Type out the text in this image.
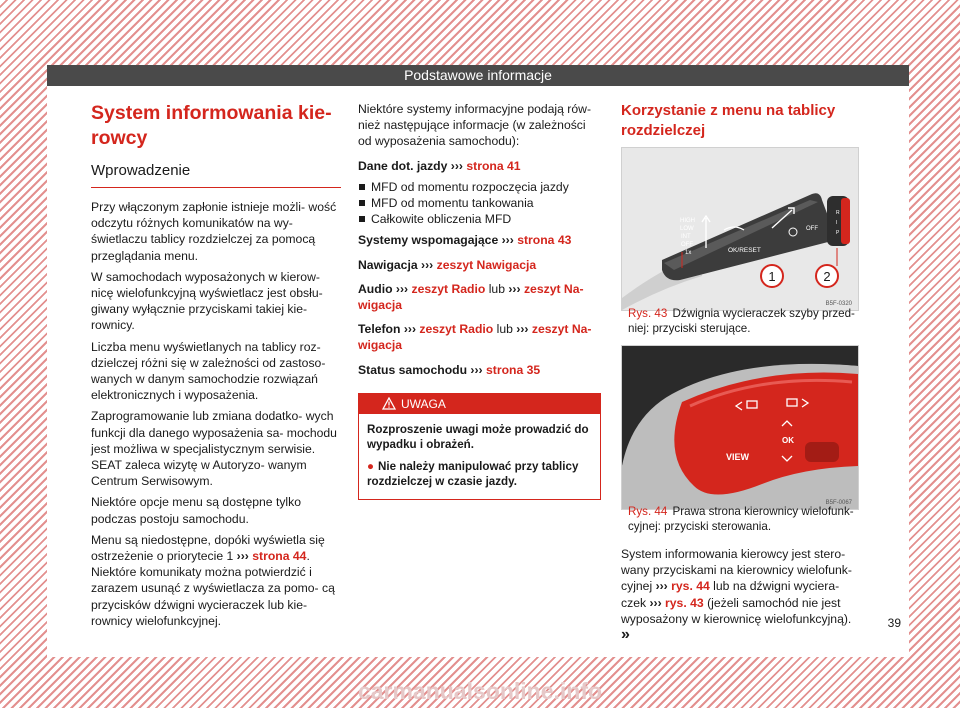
Podstawowe informacje
System informowania kie- rowcy
Wprowadzenie

Przy włączonym zapłonie istnieje możli- wość odczytu różnych komunikatów na wy- świetlaczu tablicy rozdzielczej za pomocą przeglądania menu.

W samochodach wyposażonych w kierow- nicę wielofunkcyjną wyświetlacz jest obsłu- giwany wyłącznie przyciskami takiej kie- rownicy.

Liczba menu wyświetlanych na tablicy roz- dzielczej różni się w zależności od zastoso- wanych w danym samochodzie rozwiązań elektronicznych i wyposażenia.

Zaprogramowanie lub zmiana dodatko- wych funkcji dla danego wyposażenia sa- mochodu jest możliwa w specjalistycznym serwisie. SEAT zaleca wizytę w Autoryzo- wanym Centrum Serwisowym.

Niektóre opcje menu są dostępne tylko podczas postoju samochodu.

Menu są niedostępne, dopóki wyświetla się ostrzeżenie o priorytecie 1 ››› strona 44. Niektóre komunikaty można potwierdzić i zarazem usunąć z wyświetlacza za pomo- cą przycisków dźwigni wycieraczek lub kie- rownicy wielofunkcyjnej.

Niektóre systemy informacyjne podają rów- nież następujące informacje (w zależności od wyposażenia samochodu):

Dane dot. jazdy ››› strona 41

MFD od momentu rozpoczęcia jazdy

MFD od momentu tankowania

Całkowite obliczenia MFD

Systemy wspomagające ››› strona 43

Nawigacja ››› zeszyt Nawigacja

Audio ››› zeszyt Radio lub ››› zeszyt Na- wigacja

Telefon ››› zeszyt Radio lub ››› zeszyt Na- wigacja

Status samochodu ››› strona 35

UWAGA
Rozproszenie uwagi może prowadzić do wypadku i obrażeń.
● Nie należy manipulować przy tablicy rozdzielczej w czasie jazdy.
Korzystanie z menu na tablicy rozdzielczej
HIGH
LOW
INT
OFF
1x	OK/RESET
OFF
R
I
P
1	2
B5F-0320
Rys. 43 Dźwignia wycieraczek szyby przed- niej: przyciski sterujące.
VIEW
OK
B5F-0067
Rys. 44 Prawa strona kierownicy wielofunk- cyjnej: przyciski sterowania.

System informowania kierowcy jest stero- wany przyciskami na kierownicy wielofunk- cyjnej ››› rys. 44 lub na dźwigni wyciera- czek ››› rys. 43 (jeżeli samochód nie jest wyposażony w kierownicę wielofunkcyjną). »

39
carmanualsonline.info
